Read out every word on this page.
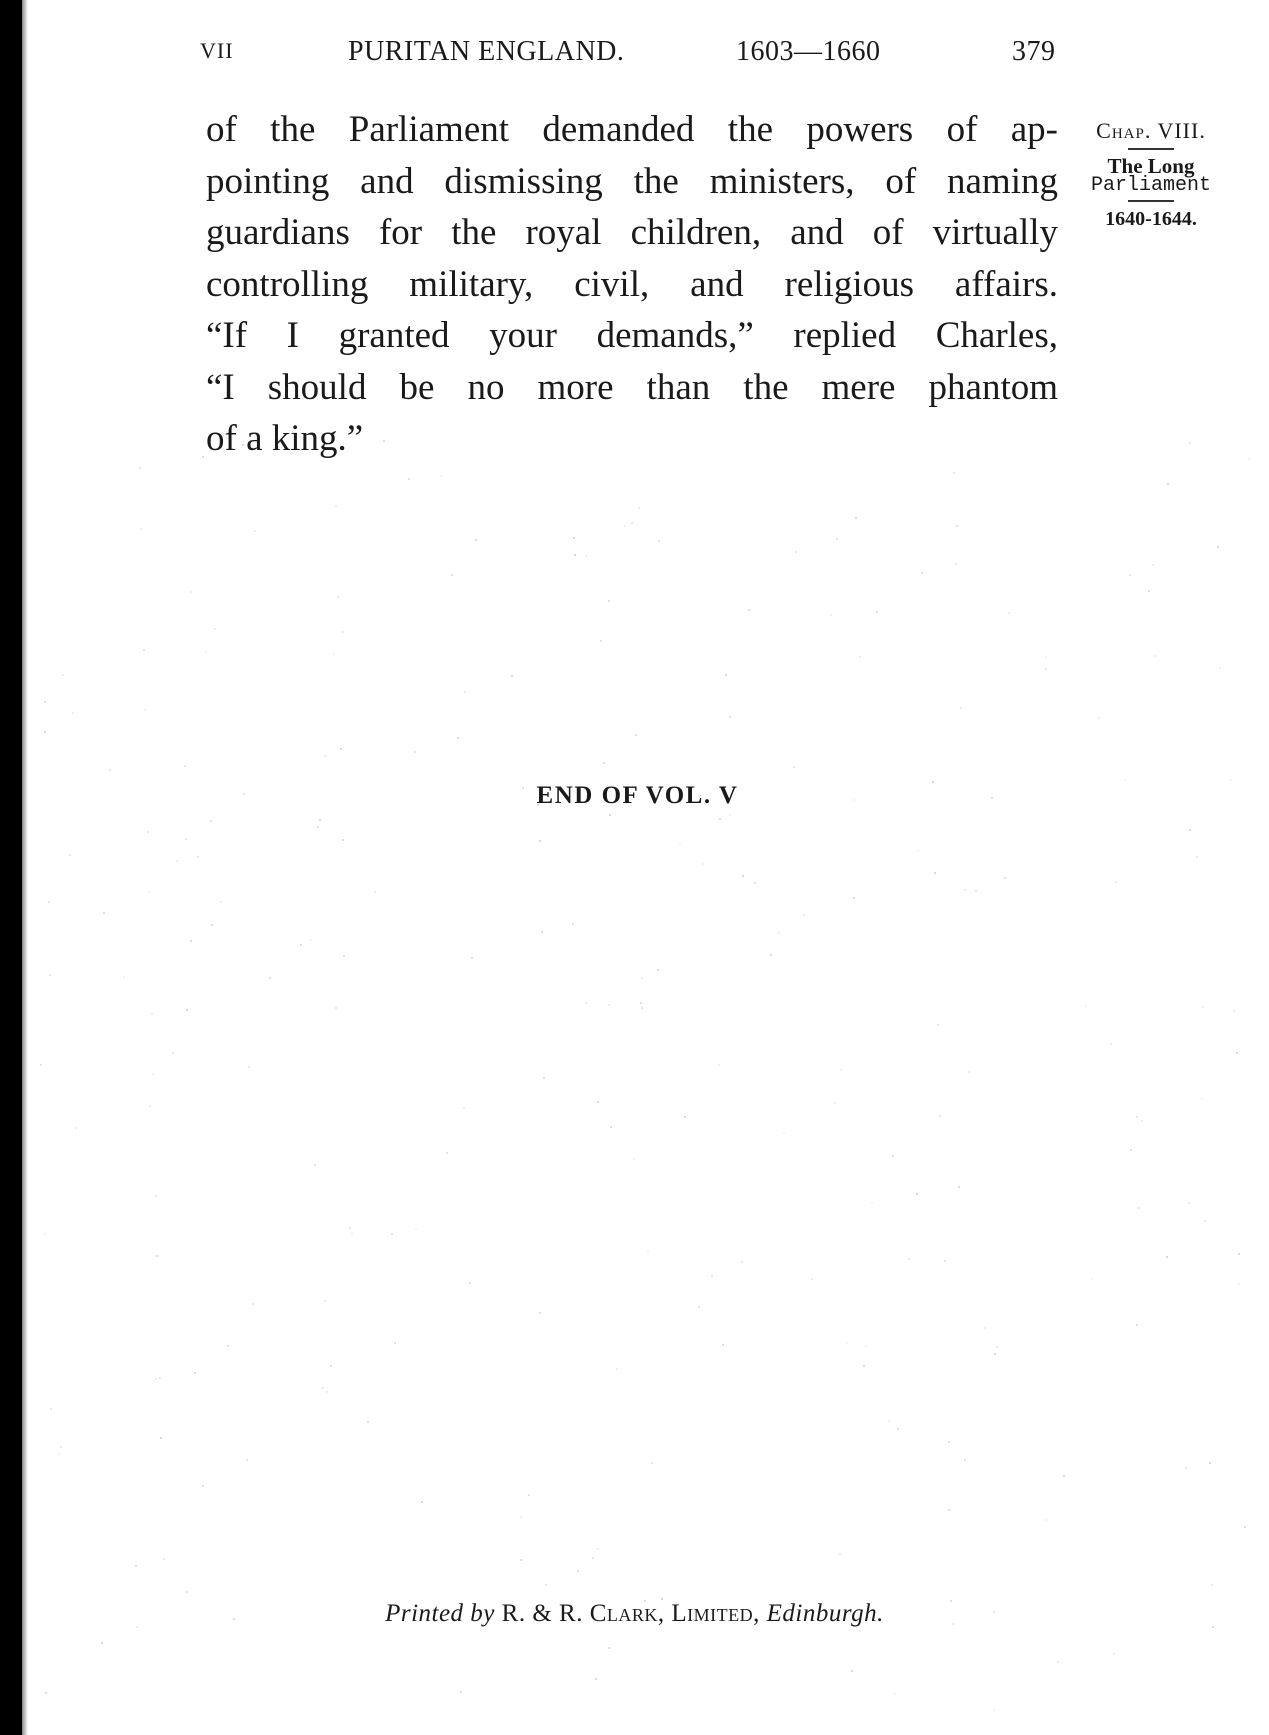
VII	PURITAN ENGLAND.	1603—1660	379
of the Parliament demanded the powers of ap-
pointing and dismissing the ministers, of naming
guardians for the royal children, and of virtually
controlling military, civil, and religious affairs.
“If I granted your demands,” replied Charles,
“I should be no more than the mere phantom
of a king.”
Chap. VIII.
The Long
Parliament
1640-1644.
END OF VOL. V
Printed by R. & R. Clark, Limited, Edinburgh.
